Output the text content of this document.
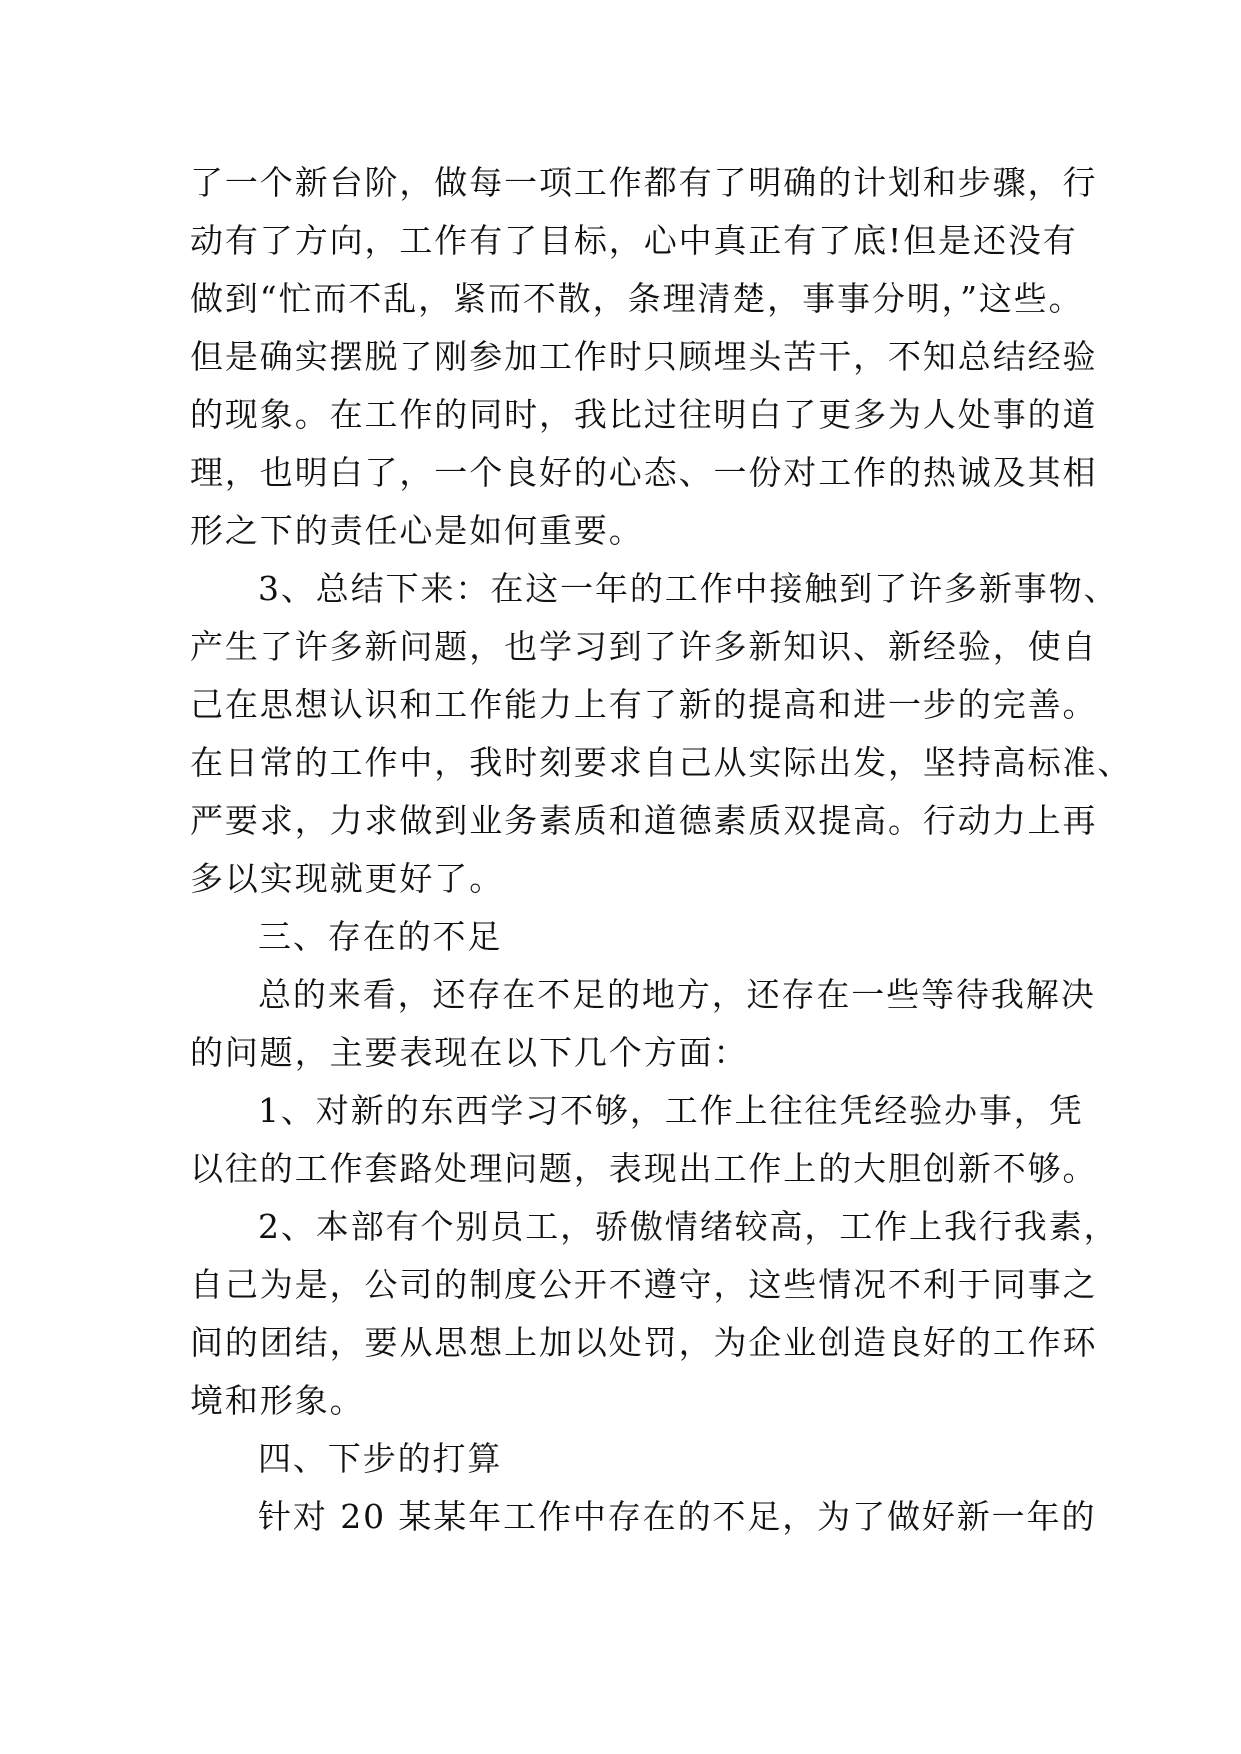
了一个新台阶，做每一项工作都有了明确的计划和步骤，行
动有了方向，工作有了目标，心中真正有了底!但是还没有
做到“忙而不乱，紧而不散，条理清楚，事事分明，”这些。
但是确实摆脱了刚参加工作时只顾埋头苦干，不知总结经验
的现象。在工作的同时，我比过往明白了更多为人处事的道
理，也明白了，一个良好的心态、一份对工作的热诚及其相
形之下的责任心是如何重要。
3、总结下来：在这一年的工作中接触到了许多新事物、
产生了许多新问题，也学习到了许多新知识、新经验，使自
己在思想认识和工作能力上有了新的提高和进一步的完善。
在日常的工作中，我时刻要求自己从实际出发，坚持高标准、
严要求，力求做到业务素质和道德素质双提高。行动力上再
多以实现就更好了。
三、存在的不足
总的来看，还存在不足的地方，还存在一些等待我解决
的问题，主要表现在以下几个方面：
1、对新的东西学习不够，工作上往往凭经验办事，凭
以往的工作套路处理问题，表现出工作上的大胆创新不够。
2、本部有个别员工，骄傲情绪较高，工作上我行我素，
自己为是，公司的制度公开不遵守，这些情况不利于同事之
间的团结，要从思想上加以处罚，为企业创造良好的工作环
境和形象。
四、下步的打算
针对 20 某某年工作中存在的不足，为了做好新一年的
